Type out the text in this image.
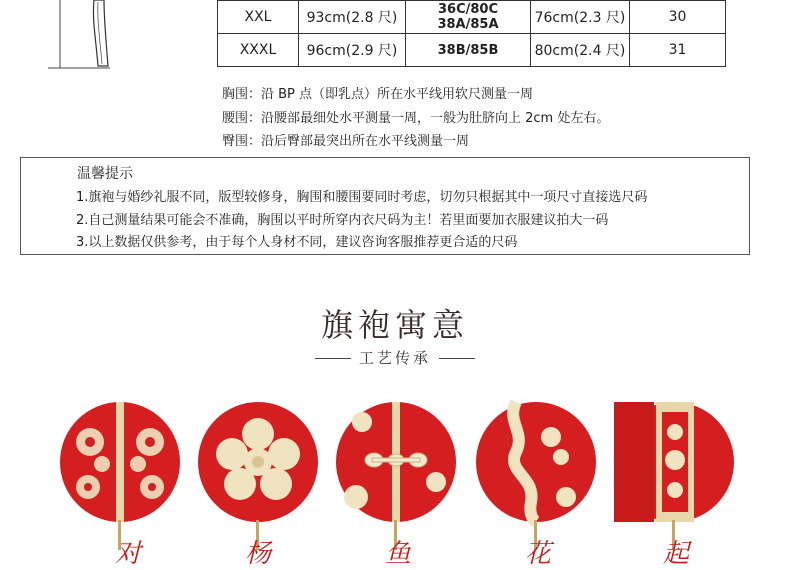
XXL	93cm(2.8 尺)	36C/80C 38A/85A	76cm(2.3 尺)	30
XXXL	96cm(2.9 尺)	38B/85B	80cm(2.4 尺)	31
胸围：沿 BP 点（即乳点）所在水平线用软尺测量一周
腰围：沿腰部最细处水平测量一周，一般为肚脐向上 2cm 处左右。
臀围：沿后臀部最突出所在水平线测量一周
温馨提示
1.旗袍与婚纱礼服不同，版型较修身，胸围和腰围要同时考虑，切勿只根据其中一项尺寸直接选尺码
2.自己测量结果可能会不准确，胸围以平时所穿内衣尺码为主！若里面要加衣服建议拍大一码
3.以上数据仅供参考，由于每个人身材不同，建议咨询客服推荐更合适的尺码
旗袍寓意
工艺传承
对	杨	鱼	花	起
